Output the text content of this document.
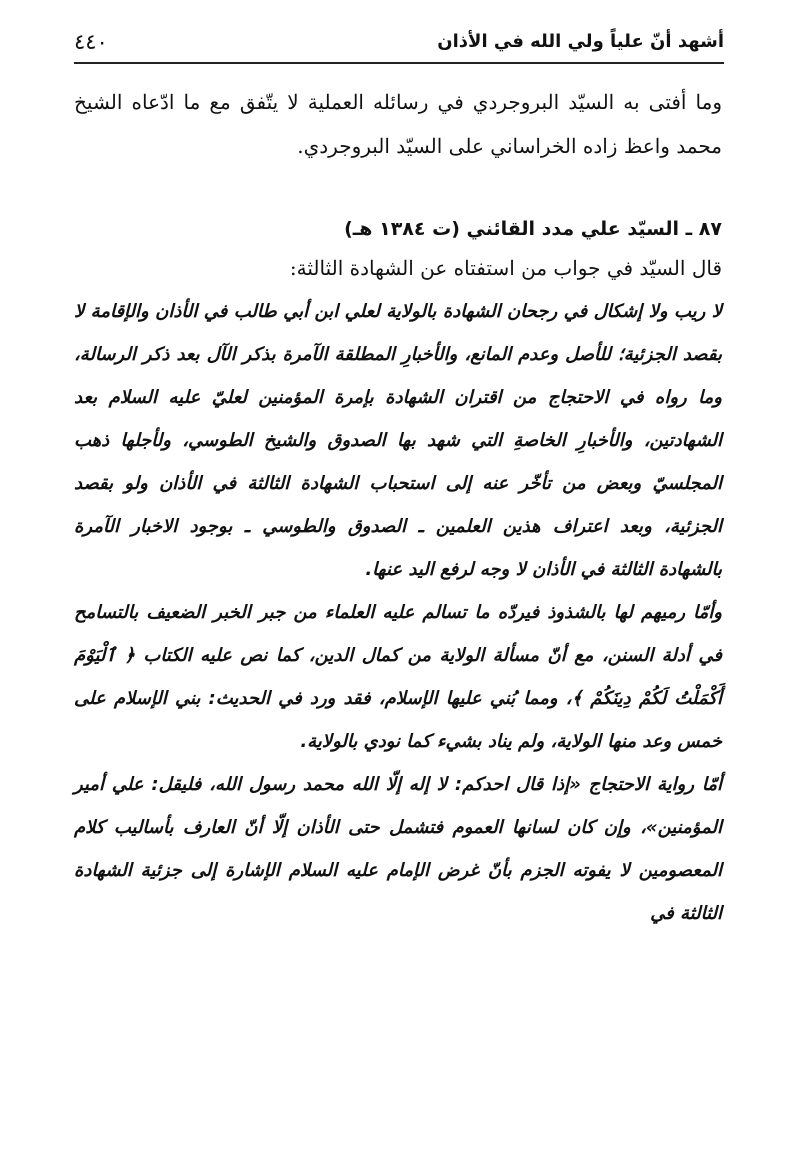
أشهد أنّ علياً ولي الله في الأذان
٤٤٠

وما أفتى به السيّد البروجردي في رسائله العملية لا يتّفق مع ما ادّعاه الشيخ محمد واعظ زاده الخراساني على السيّد البروجردي.

٨٧ ـ السيّد علي مدد القائني (ت ١٣٨٤ هـ)

قال السيّد في جواب من استفتاه عن الشهادة الثالثة:

لا ريب ولا إشكال في رجحان الشهادة بالولاية لعلي ابن أبي طالب في الأذان والإقامة لا بقصد الجزئية؛ للأصل وعدم المانع، والأخبارِ المطلقة الآمرة بذكر الآل بعد ذكر الرسالة، وما رواه في الاحتجاج من اقتران الشهادة بإمرة المؤمنين لعليّ عليه السلام بعد الشهادتين، والأخبارِ الخاصةِ التي شهد بها الصدوق والشيخ الطوسي، ولأجلها ذهب المجلسيّ وبعض من تأخّر عنه إلى استحباب الشهادة الثالثة في الأذان ولو بقصد الجزئية، وبعد اعتراف هذين العلمين ـ الصدوق والطوسي ـ بوجود الاخبار الآمرة بالشهادة الثالثة في الأذان لا وجه لرفع اليد عنها.

وأمّا رميهم لها بالشذوذ فيردّه ما تسالم عليه العلماء من جبر الخبر الضعيف بالتسامح في أدلة السنن، مع أنّ مسألة الولاية من كمال الدين، كما نص عليه الكتاب ﴿ ٱلْيَوْمَ أَكْمَلْتُ لَكُمْ دِينَكُمْ ﴾، ومما بُني عليها الإسلام، فقد ورد في الحديث: بني الإسلام على خمس وعد منها الولاية، ولم يناد بشيء كما نودي بالولاية.

أمّا رواية الاحتجاج «إذا قال احدكم: لا إله إلّا الله محمد رسول الله، فليقل: علي أمير المؤمنين»، وإن كان لسانها العموم فتشمل حتى الأذان إلّا أنّ العارف بأساليب كلام المعصومين لا يفوته الجزم بأنّ غرض الإمام عليه السلام الإشارة إلى جزئية الشهادة الثالثة في
